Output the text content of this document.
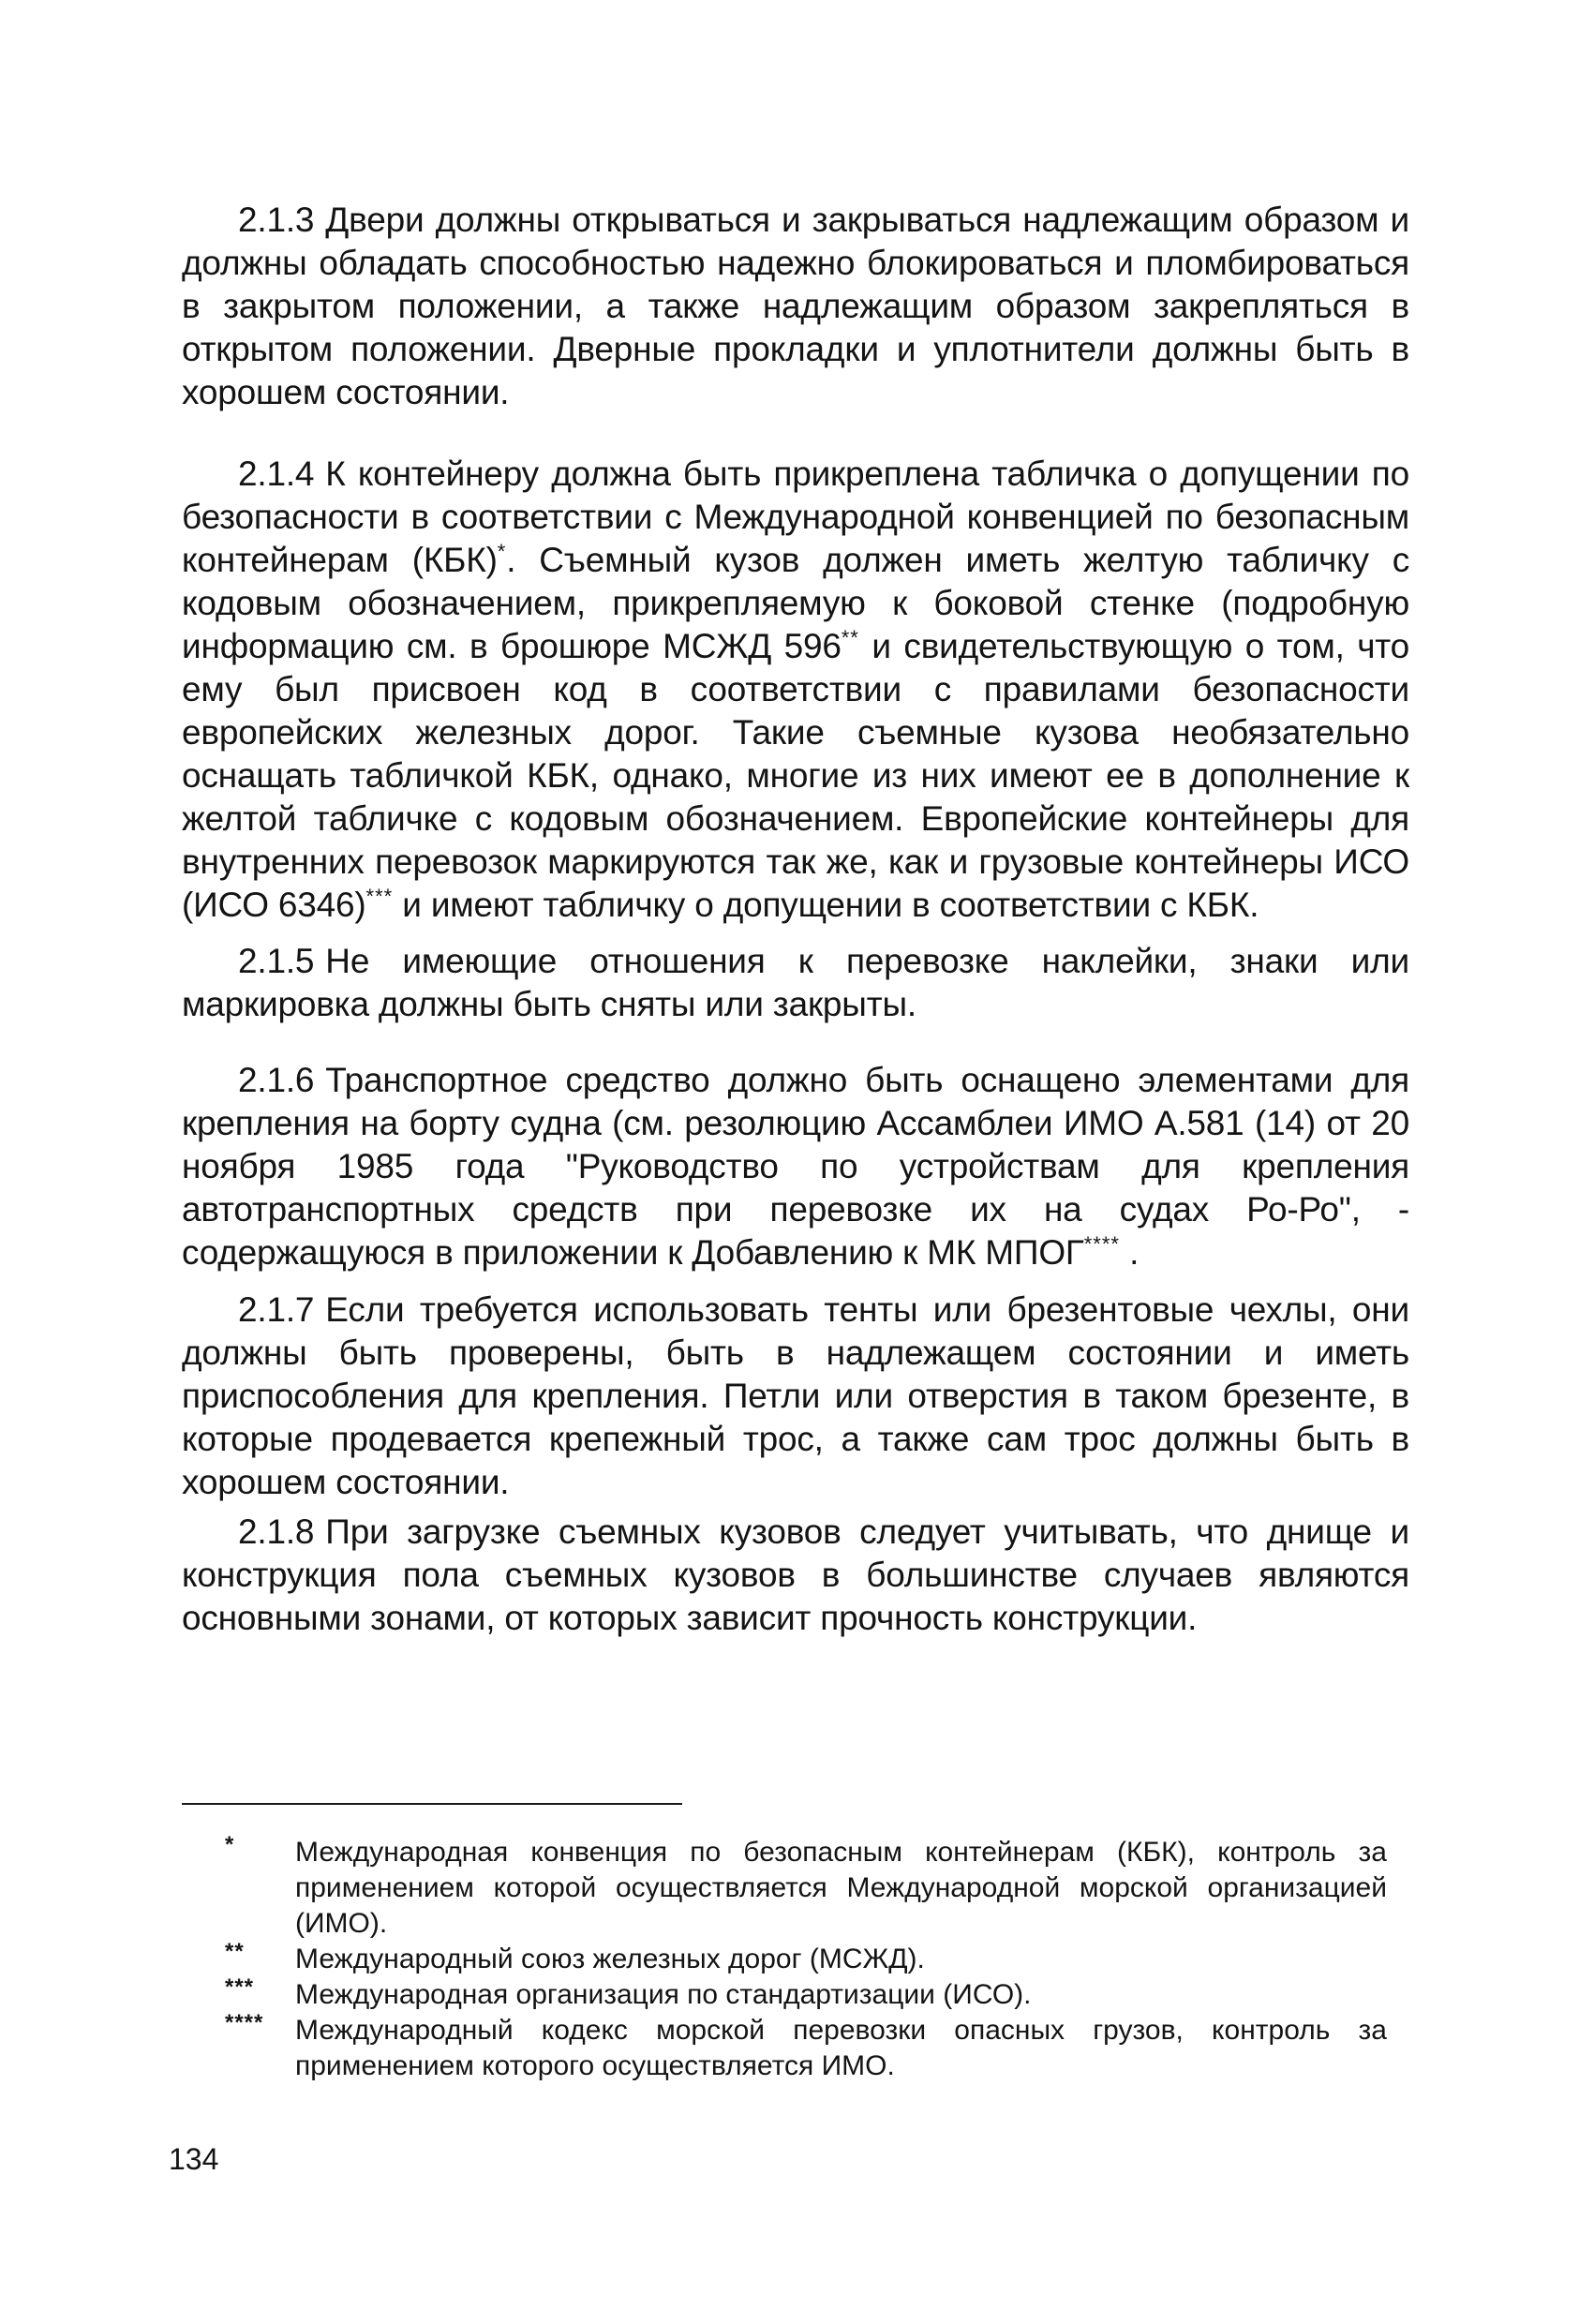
2.1.3 Двери должны открываться и закрываться надлежащим образом и должны обладать способностью надежно блокироваться и пломбироваться в закрытом положении, а также надлежащим образом закрепляться в открытом положении. Дверные прокладки и уплотнители должны быть в хорошем состоянии.

2.1.4 К контейнеру должна быть прикреплена табличка о допущении по безопасности в соответствии с Международной конвенцией по безопасным контейнерам (КБК)*. Съемный кузов должен иметь желтую табличку с кодовым обозначением, прикрепляемую к боковой стенке (подробную информацию см. в брошюре МСЖД 596** и свидетельствующую о том, что ему был присвоен код в соответствии с правилами безопасности европейских железных дорог. Такие съемные кузова необязательно оснащать табличкой КБК, однако, многие из них имеют ее в дополнение к желтой табличке с кодовым обозначением. Европейские контейнеры для внутренних перевозок маркируются так же, как и грузовые контейнеры ИСО (ИСО 6346)*** и имеют табличку о допущении в соответствии с КБК.

2.1.5 Не имеющие отношения к перевозке наклейки, знаки или маркировка должны быть сняты или закрыты.

2.1.6 Транспортное средство должно быть оснащено элементами для крепления на борту судна (см. резолюцию Ассамблеи ИМО А.581 (14) от 20 ноября 1985 года "Руководство по устройствам для крепления автотранспортных средств при перевозке их на судах Ро-Ро", - содержащуюся в приложении к Добавлению к МК МПОГ**** .

2.1.7 Если требуется использовать тенты или брезентовые чехлы, они должны быть проверены, быть в надлежащем состоянии и иметь приспособления для крепления. Петли или отверстия в таком брезенте, в которые продевается крепежный трос, а также сам трос должны быть в хорошем состоянии.

2.1.8 При загрузке съемных кузовов следует учитывать, что днище и конструкция пола съемных кузовов в большинстве случаев являются основными зонами, от которых зависит прочность конструкции.

* Международная конвенция по безопасным контейнерам (КБК), контроль за применением которой осуществляется Международной морской организацией (ИМО).

** Международный союз железных дорог (МСЖД).

*** Международная организация по стандартизации (ИСО).

**** Международный кодекс морской перевозки опасных грузов, контроль за применением которого осуществляется ИМО.

134
